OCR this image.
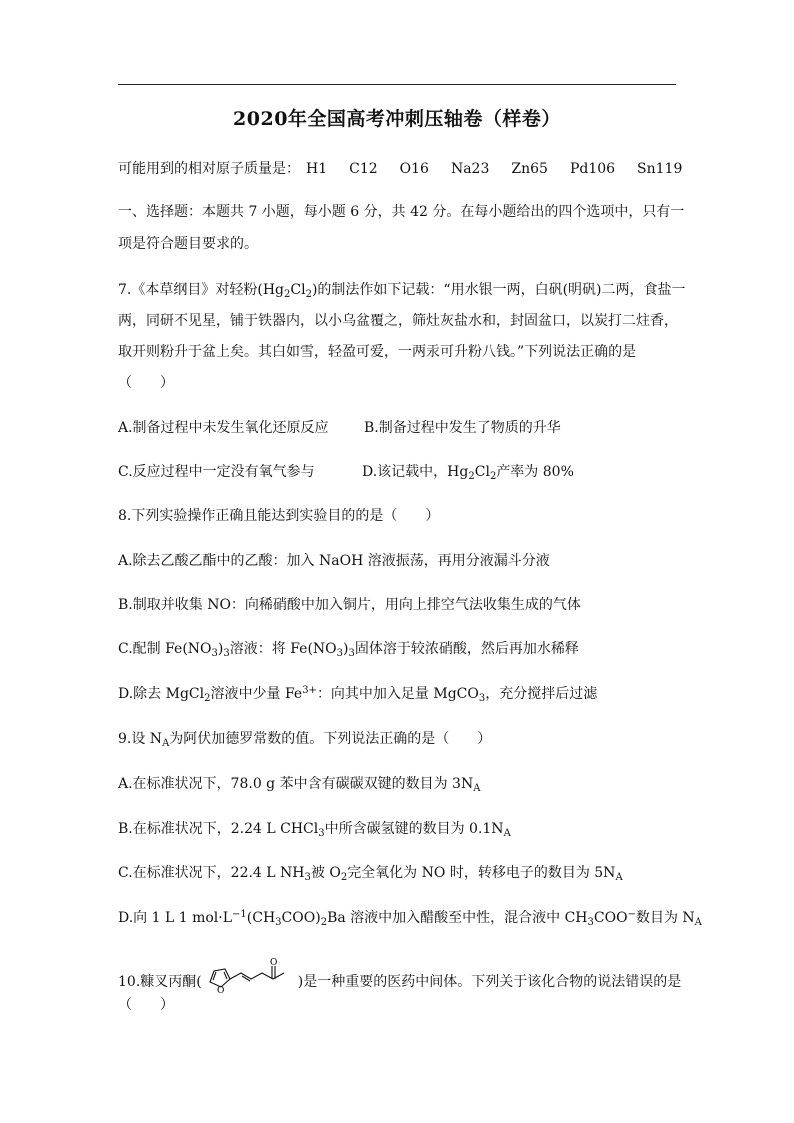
2020年全国高考冲刺压轴卷（样卷）
可能用到的相对原子质量是： H1 C12 O16 Na23 Zn65 Pd106 Sn119
一、选择题：本题共 7 小题，每小题 6 分，共 42 分。在每小题给出的四个选项中，只有一
项是符合题目要求的。
7.《本草纲目》对轻粉$(Hg_2Cl_2)$的制法作如下记载：“用水银一两，白矾(明矾)二两，食盐一
两，同研不见星，铺于铁器内，以小乌盆覆之，筛灶灰盐水和，封固盆口，以炭打二炷香，
取开则粉升于盆上矣。其白如雪，轻盈可爱，一两汞可升粉八钱。”下列说法正确的是
（　　）
A.制备过程中未发生氧化还原反应	B.制备过程中发生了物质的升华
C.反应过程中一定没有氧气参与	D.该记载中，$Hg_2Cl_2$产率为 80%
8.下列实验操作正确且能达到实验目的的是（　　）
A.除去乙酸乙酯中的乙酸：加入 NaOH 溶液振荡，再用分液漏斗分液
B.制取并收集 NO：向稀硝酸中加入铜片，用向上排空气法收集生成的气体
C.配制 $Fe(NO_3)_3$溶液：将 $Fe(NO_3)_3$固体溶于较浓硝酸，然后再加水稀释
D.除去 MgCl$_2$溶液中少量 $Fe^{3+}$：向其中加入足量 MgCO$_3$，充分搅拌后过滤
9.设 $N_A$为阿伏加德罗常数的值。下列说法正确的是（　　）
A.在标准状况下，78.0 g 苯中含有碳碳双键的数目为 $3N_A$
B.在标准状况下，2.24 L CHCl$_3$中所含碳氢键的数目为 $0.1N_A$
C.在标准状况下，22.4 L $NH_3$被 $O_2$完全氧化为 NO 时，转移电子的数目为 $5N_A$
D.向 1 L 1 $mol\cdot L^{-1}(CH_3COO)_2Ba$ 溶液中加入醋酸至中性，混合液中 $CH_3COO^-$数目为 $N_A$
10.糠叉丙酮(
O
O
)是一种重要的医药中间体。下列关于该化合物的说法错误的是
（　　）
